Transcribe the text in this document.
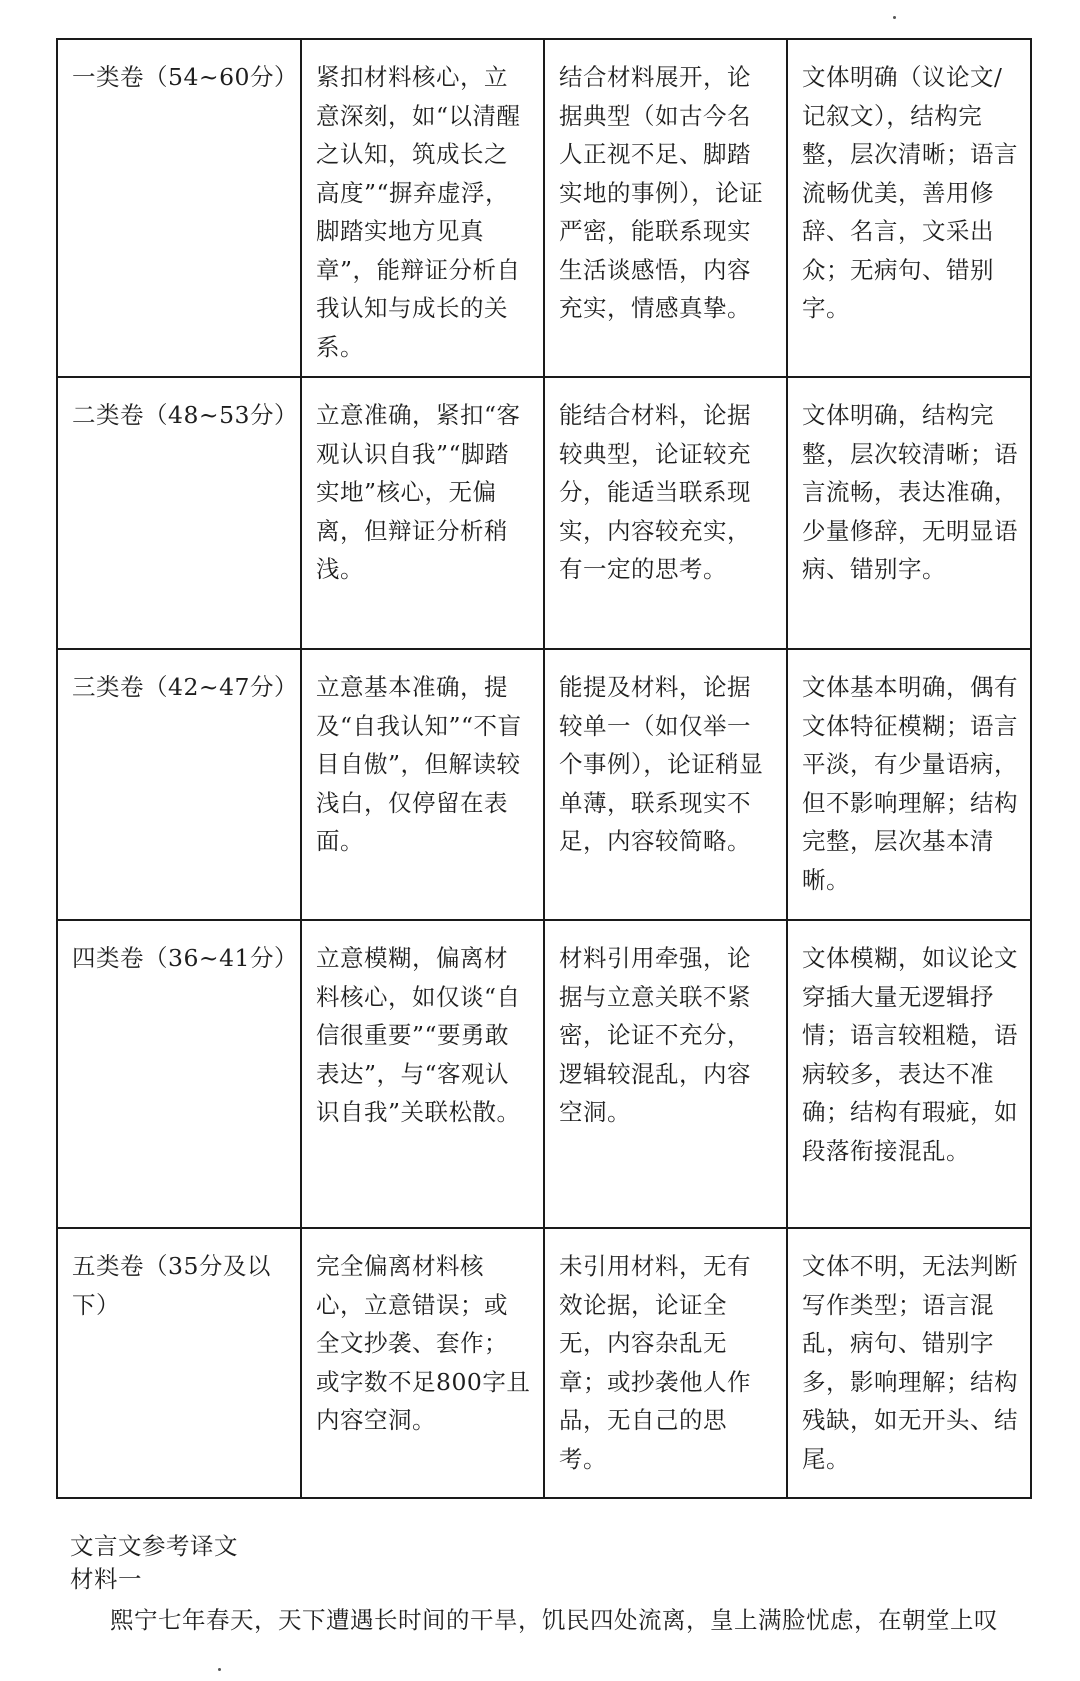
一类卷（54~60分）	紧扣材料核心，立意深刻，如“以清醒之认知，筑成长之高度”“摒弃虚浮，脚踏实地方见真章”，能辩证分析自我认知与成长的关系。	结合材料展开，论据典型（如古今名人正视不足、脚踏实地的事例），论证严密，能联系现实生活谈感悟，内容充实，情感真挚。	文体明确（议论文/记叙文），结构完整，层次清晰；语言流畅优美，善用修辞、名言，文采出众；无病句、错别字。
二类卷（48~53分）	立意准确，紧扣“客观认识自我”“脚踏实地”核心，无偏离，但辩证分析稍浅。	能结合材料，论据较典型，论证较充分，能适当联系现实，内容较充实，有一定的思考。	文体明确，结构完整，层次较清晰；语言流畅，表达准确，少量修辞，无明显语病、错别字。
三类卷（42~47分）	立意基本准确，提及“自我认知”“不盲目自傲”，但解读较浅白，仅停留在表面。	能提及材料，论据较单一（如仅举一个事例），论证稍显单薄，联系现实不足，内容较简略。	文体基本明确，偶有文体特征模糊；语言平淡，有少量语病，但不影响理解；结构完整，层次基本清晰。
四类卷（36~41分）	立意模糊，偏离材料核心，如仅谈“自信很重要”“要勇敢表达”，与“客观认识自我”关联松散。	材料引用牵强，论据与立意关联不紧密，论证不充分，逻辑较混乱，内容空洞。	文体模糊，如议论文穿插大量无逻辑抒情；语言较粗糙，语病较多，表达不准确；结构有瑕疵，如段落衔接混乱。
五类卷（35分及以下）	完全偏离材料核心，立意错误；或全文抄袭、套作；或字数不足800字且内容空洞。	未引用材料，无有效论据，论证全无，内容杂乱无章；或抄袭他人作品，无自己的思考。	文体不明，无法判断写作类型；语言混乱，病句、错别字多，影响理解；结构残缺，如无开头、结尾。
文言文参考译文
材料一
熙宁七年春天，天下遭遇长时间的干旱，饥民四处流离，皇上满脸忧虑，在朝堂上叹
